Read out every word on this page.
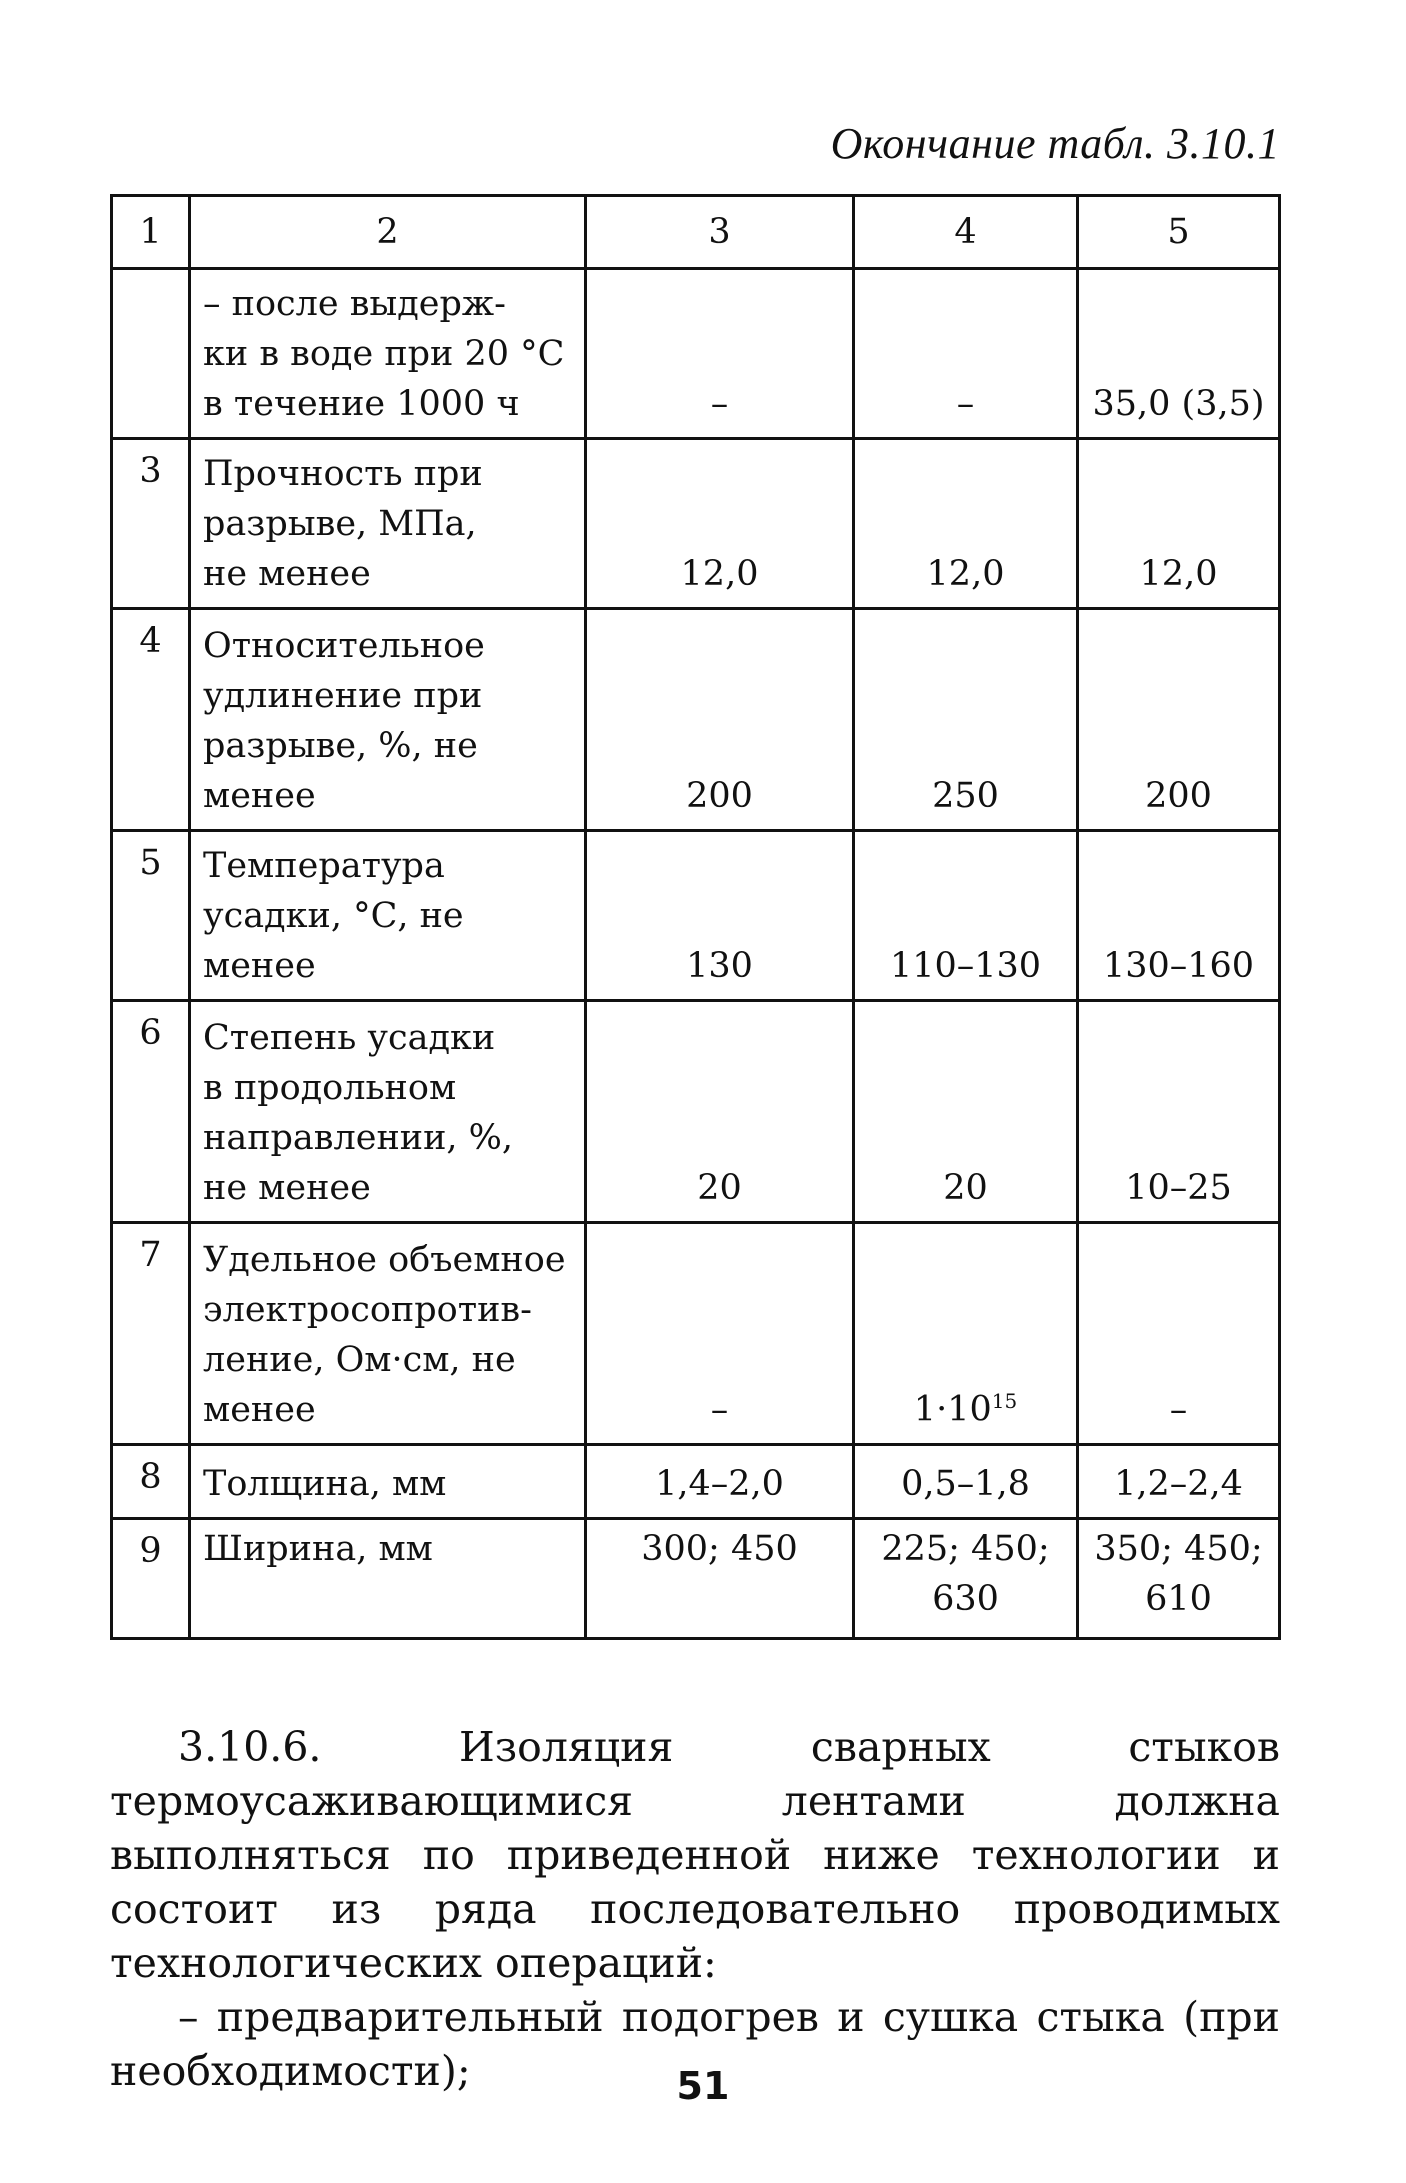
Окончание табл. 3.10.1
1	2	3	4	5

	– после выдерж-
ки в воде при 20 °С
в течение 1000 ч	–	–	35,0 (3,5)
3	Прочность при
разрыве, МПа,
не менее	12,0	12,0	12,0
4	Относительное
удлинение при
разрыве, %, не
менее	200	250	200
5	Температура
усадки, °С, не
менее	130	110–130	130–160
6	Степень усадки
в продольном
направлении, %,
не менее	20	20	10–25
7	Удельное объемное
электросопротив-
ление, Ом·см, не
менее	–	$1\cdot 10^{15}$	–
8	Толщина, мм	1,4–2,0	0,5–1,8	1,2–2,4
9	Ширина, мм	300; 450	225; 450; 630	350; 450; 610

3.10.6. Изоляция сварных стыков термоусаживающимися лентами должна выполняться по приведенной ниже технологии и состоит из ряда последовательно проводимых технологических операций:

– предварительный подогрев и сушка стыка (при необходимости);	51
